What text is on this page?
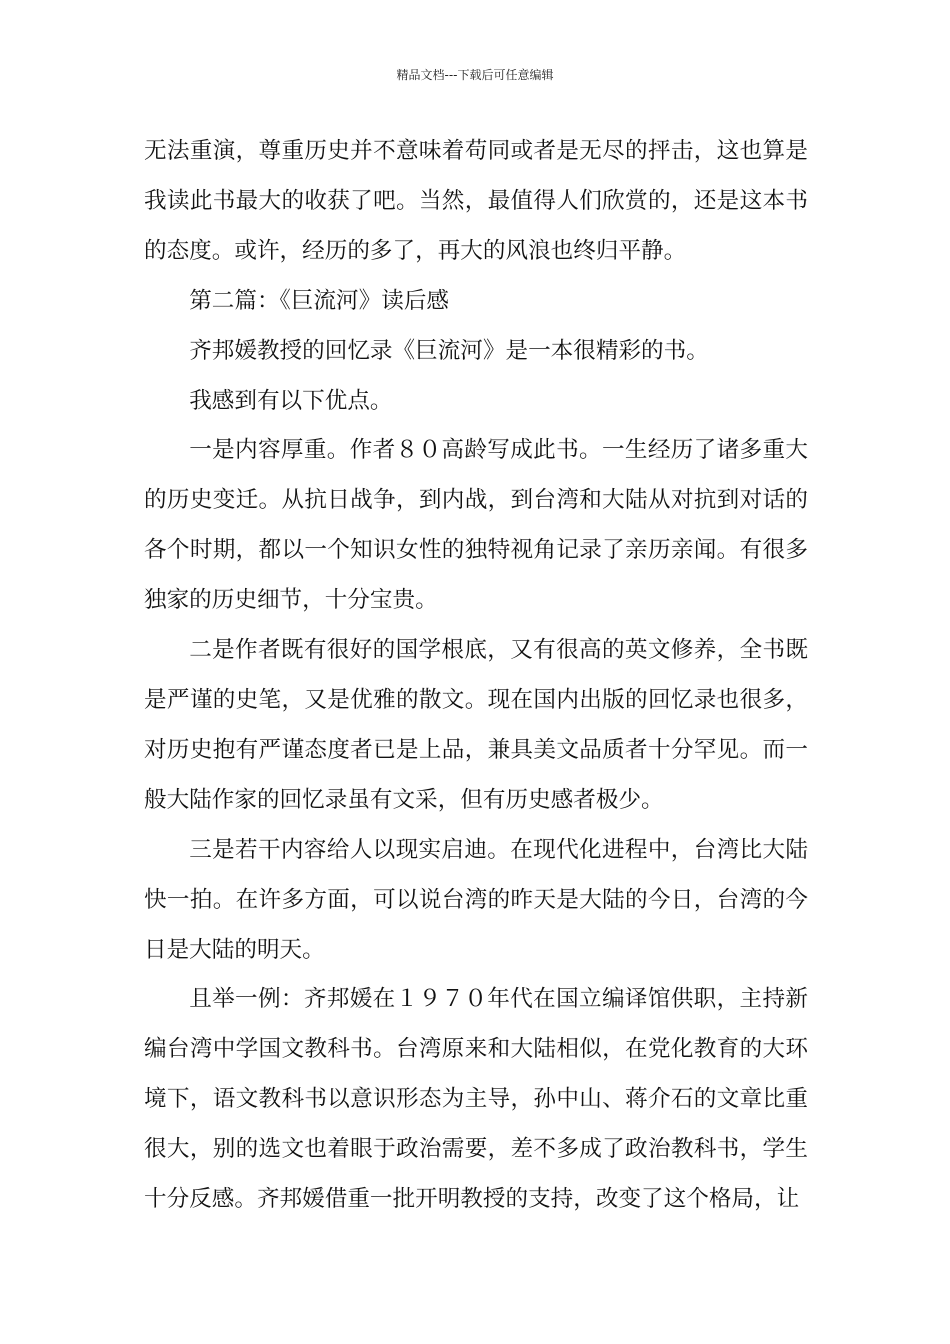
精品文档---下载后可任意编辑

无法重演，尊重历史并不意味着苟同或者是无尽的抨击，这也算是我读此书最大的收获了吧。当然，最值得人们欣赏的，还是这本书的态度。或许，经历的多了，再大的风浪也终归平静。

第二篇：《巨流河》读后感

齐邦媛教授的回忆录《巨流河》是一本很精彩的书。

我感到有以下优点。

一是内容厚重。作者８０高龄写成此书。一生经历了诸多重大的历史变迁。从抗日战争，到内战，到台湾和大陆从对抗到对话的各个时期，都以一个知识女性的独特视角记录了亲历亲闻。有很多独家的历史细节，十分宝贵。

二是作者既有很好的国学根底，又有很高的英文修养，全书既是严谨的史笔，又是优雅的散文。现在国内出版的回忆录也很多，对历史抱有严谨态度者已是上品，兼具美文品质者十分罕见。而一般大陆作家的回忆录虽有文采，但有历史感者极少。

三是若干内容给人以现实启迪。在现代化进程中，台湾比大陆快一拍。在许多方面，可以说台湾的昨天是大陆的今日，台湾的今日是大陆的明天。

且举一例：齐邦媛在１９７０年代在国立编译馆供职，主持新编台湾中学国文教科书。台湾原来和大陆相似，在党化教育的大环境下，语文教科书以意识形态为主导，孙中山、蒋介石的文章比重很大，别的选文也着眼于政治需要，差不多成了政治教科书，学生十分反感。齐邦媛借重一批开明教授的支持，改变了这个格局，让
